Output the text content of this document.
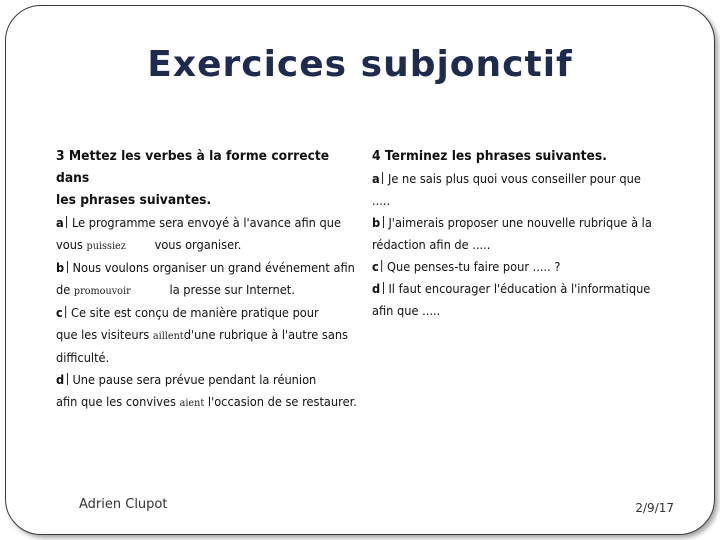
Exercices subjonctif
3 Mettez les verbes à la forme correcte dans
les phrases suivantes.
a Le programme sera envoyé à l'avance afin que
vous puissiez vous organiser.
b Nous voulons organiser un grand événement afin
de promouvoir	la presse sur Internet.
c Ce site est conçu de manière pratique pour
que les visiteurs aillentd'une rubrique à l'autre sans
difficulté.
d Une pause sera prévue pendant la réunion
afin que les convives aient l'occasion de se restaurer.
4 Terminez les phrases suivantes.
a Je ne sais plus quoi vous conseiller pour que .....
b J'aimerais proposer une nouvelle rubrique à la
rédaction afin de .....
c Que penses-tu faire pour ..... ?
d Il faut encourager l'éducation à l'informatique
afin que .....
Adrien Clupot	2/9/17
